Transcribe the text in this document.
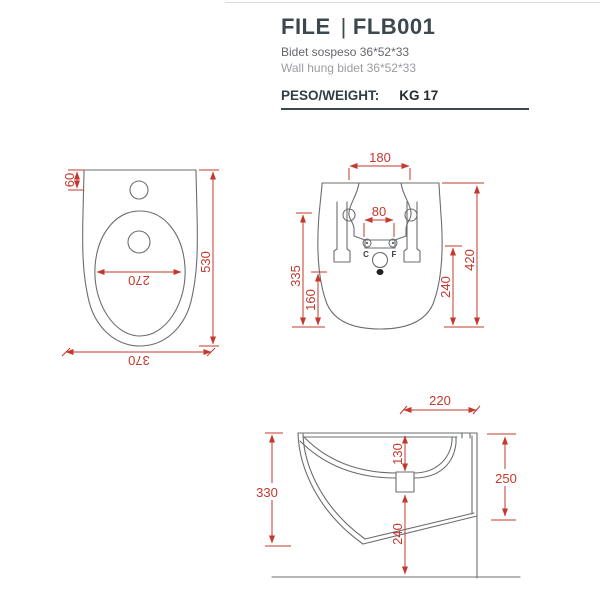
FILE | FLB001
Bidet sospeso 36*52*33
Wall hung bidet 36*52*33
PESO/WEIGHT: KG 17
60
530
270
370
C	F
180
80
335
160
240
420
220
130
240
330
250
